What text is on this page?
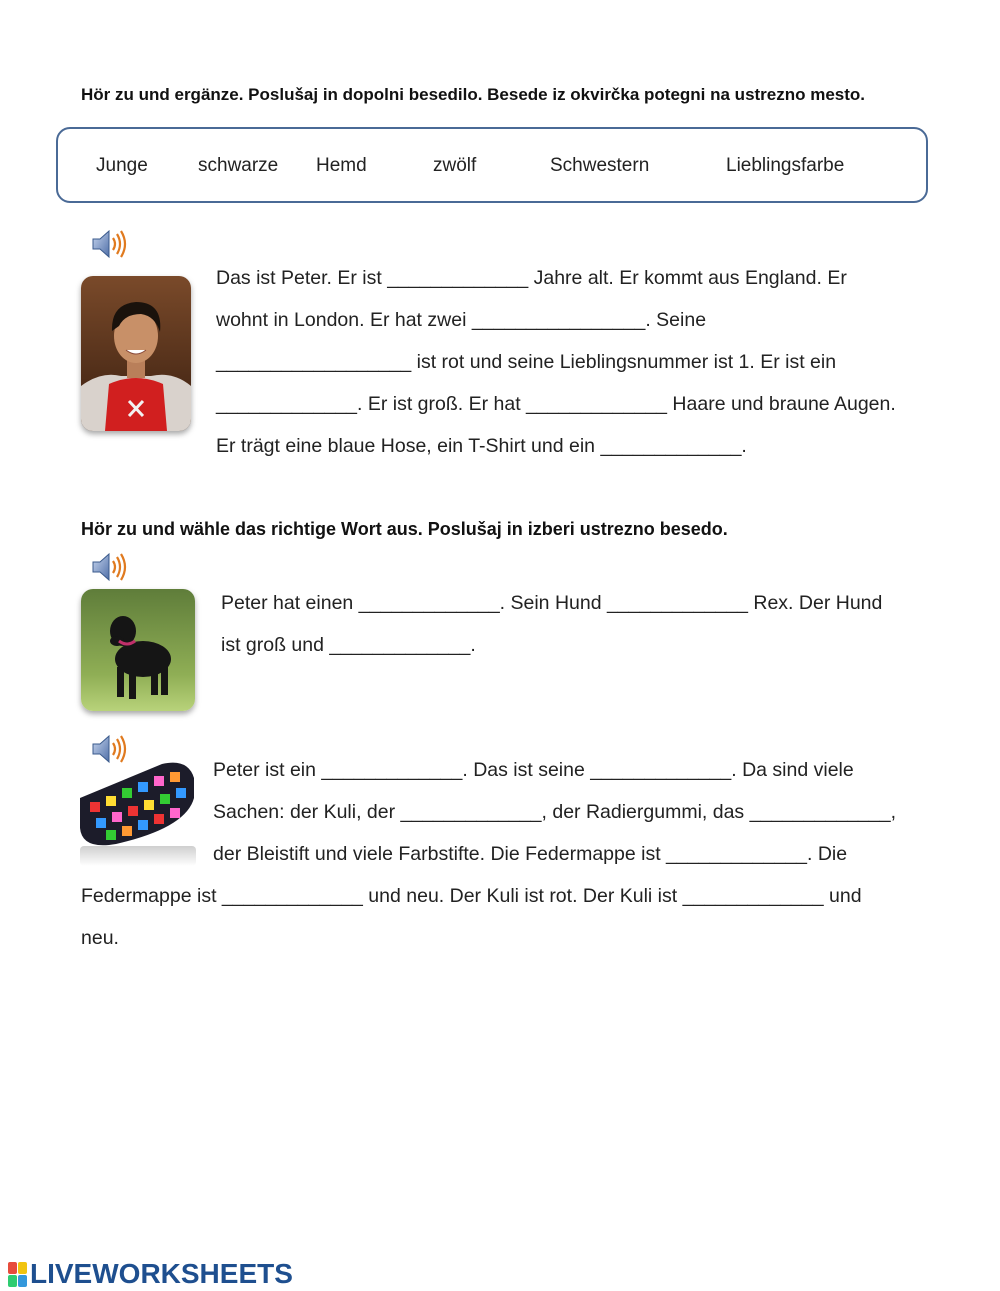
Hör zu und ergänze. Poslušaj in dopolni besedilo. Besede iz okvirčka potegni na ustrezno mesto.
Junge	schwarze Hemd	zwölf	Schwestern	Lieblingsfarbe
Das ist Peter. Er ist _____________ Jahre alt. Er kommt aus England. Er
wohnt in London. Er hat zwei ________________. Seine
__________________ ist rot und seine Lieblingsnummer ist 1. Er ist ein
_____________. Er ist groß. Er hat _____________ Haare und braune Augen.
Er trägt eine blaue Hose, ein T-Shirt und ein _____________.
Hör zu und wähle das richtige Wort aus. Poslušaj in izberi ustrezno besedo.
Peter hat einen _____________. Sein Hund _____________ Rex. Der Hund
ist groß und _____________.
Peter ist ein _____________. Das ist seine _____________. Da sind viele
Sachen: der Kuli, der _____________, der Radiergummi, das _____________,
der Bleistift und viele Farbstifte. Die Federmappe ist _____________. Die
Federmappe ist _____________ und neu. Der Kuli ist rot. Der Kuli ist _____________ und
neu.
LIVEWORKSHEETS
